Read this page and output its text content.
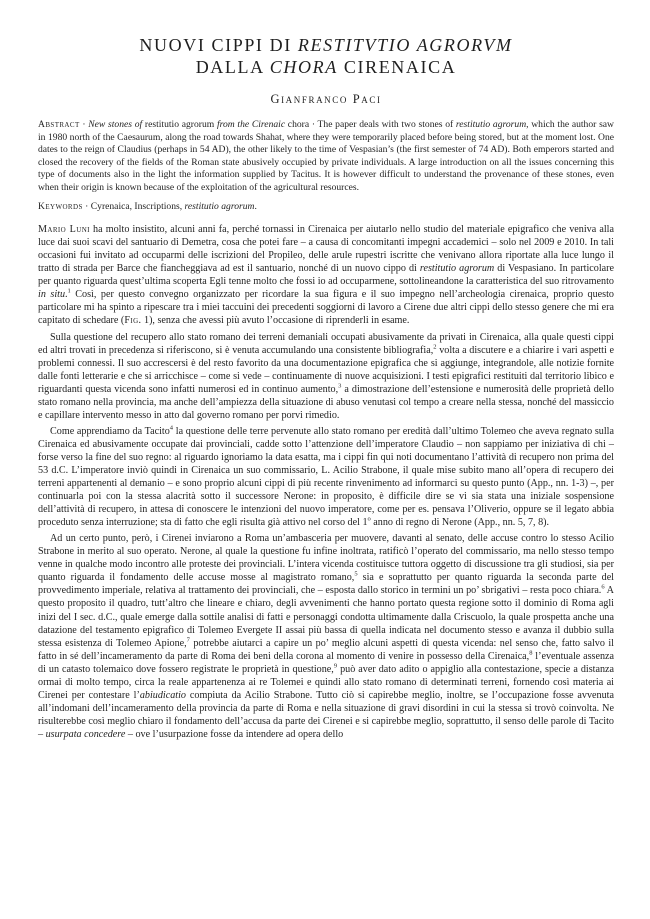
NUOVI CIPPI DI RESTITVTIO AGRORVM
DALLA CHORA CIRENAICA
Gianfranco Paci

Abstract · New stones of restitutio agrorum from the Cirenaic chora · The paper deals with two stones of restitutio agrorum, which the author saw in 1980 north of the Caesaurum, along the road towards Shahat, where they were temporarily placed before being stored, but at the moment lost. One dates to the reign of Claudius (perhaps in 54 AD), the other likely to the time of Vespasian’s (the first semester of 74 AD). Both emperors started and closed the recovery of the fields of the Roman state abusively occupied by private individuals. A large introduction on all the issues concerning this type of documents also in the light the information supplied by Tacitus. It is however difficult to understand the provenance of these stones, even when their origin is known because of the exploitation of the agricultural resources.

Keywords · Cyrenaica, Inscriptions, restitutio agrorum.

Mario Luni ha molto insistito, alcuni anni fa, perché tornassi in Cirenaica per aiutarlo nello studio del materiale epigrafico che veniva alla luce dai suoi scavi del santuario di Demetra, cosa che potei fare – a causa di concomitanti impegni accademici – solo nel 2009 e 2010. In tali occasioni fui invitato ad occuparmi delle iscrizioni del Propileo, delle arule rupestri iscritte che venivano allora riportate alla luce lungo il tratto di strada per Barce che fiancheggiava ad est il santuario, nonché di un nuovo cippo di restitutio agrorum di Vespasiano. In particolare per quanto riguarda quest’ultima scoperta Egli tenne molto che fossi io ad occuparmene, sottolineandone la caratteristica del suo ritrovamento in situ.$^1$ Così, per questo convegno organizzato per ricordare la sua figura e il suo impegno nell’archeologia cirenaica, proprio questo particolare mi ha spinto a ripescare tra i miei taccuini dei precedenti soggiorni di lavoro a Cirene due altri cippi dello stesso genere che mi era capitato di schedare (Fig. 1), senza che avessi più avuto l’occasione di riprenderli in esame.

Sulla questione del recupero allo stato romano dei terreni demaniali occupati abusivamente da privati in Cirenaica, alla quale questi cippi ed altri trovati in precedenza si riferiscono, si è venuta accumulando una consistente bibliografia,$^2$ volta a discutere e a chiarire i vari aspetti e problemi connessi. Il suo accrescersi è del resto favorito da una documentazione epigrafica che si aggiunge, integrandole, alle notizie fornite dalle fonti letterarie e che si arricchisce – come si vede – continuamente di nuove acquisizioni. I testi epigrafici restituiti dal territorio libico e riguardanti questa vicenda sono infatti numerosi ed in continuo aumento,$^3$ a dimostrazione dell’estensione e numerosità delle proprietà dello stato romano nella provincia, ma anche dell’ampiezza della situazione di abuso venutasi col tempo a creare nella stessa, nonché del massiccio e capillare intervento messo in atto dal governo romano per porvi rimedio.

Come apprendiamo da Tacito$^4$ la questione delle terre pervenute allo stato romano per eredità dall’ultimo Tolemeo che aveva regnato sulla Cirenaica ed abusivamente occupate dai provinciali, cadde sotto l’attenzione dell’imperatore Claudio – non sappiamo per iniziativa di chi – forse verso la fine del suo regno: al riguardo ignoriamo la data esatta, ma i cippi fin qui noti documentano l’attività di recupero non prima del 53 d.C. L’imperatore inviò quindi in Cirenaica un suo commissario, L. Acilio Strabone, il quale mise subito mano all’opera di recupero dei terreni appartenenti al demanio – e sono proprio alcuni cippi di più recente rinvenimento ad informarci su questo punto (App., nn. 1-3) –, per continuarla poi con la stessa alacrità sotto il successore Nerone: in proposito, è difficile dire se vi sia stata una iniziale sospensione dell’attività di recupero, in attesa di conoscere le intenzioni del nuovo imperatore, come per es. pensava l’Oliverio, oppure se il legato abbia proceduto senza interruzione; sta di fatto che egli risulta già attivo nel corso del 1$^o$ anno di regno di Nerone (App., nn. 5, 7, 8).

Ad un certo punto, però, i Cirenei inviarono a Roma un’ambasceria per muovere, davanti al senato, delle accuse contro lo stesso Acilio Strabone in merito al suo operato. Nerone, al quale la questione fu infine inoltrata, ratificò l’operato del commissario, ma nello stesso tempo venne in qualche modo incontro alle proteste dei provinciali. L’intera vicenda costituisce tuttora oggetto di discussione tra gli studiosi, sia per quanto riguarda il fondamento delle accuse mosse al magistrato romano,$^5$ sia e soprattutto per quanto riguarda la seconda parte del provvedimento imperiale, relativa al trattamento dei provinciali, che – esposta dallo storico in termini un po’ sbrigativi – resta poco chiara.$^6$ A questo proposito il quadro, tutt’altro che lineare e chiaro, degli avvenimenti che hanno portato questa regione sotto il dominio di Roma agli inizi del I sec. d.C., quale emerge dalla sottile analisi di fatti e personaggi condotta ultimamente dalla Criscuolo, la quale prospetta anche una datazione del testamento epigrafico di Tolemeo Evergete II assai più bassa di quella indicata nel documento stesso e avanza il dubbio sulla stessa esistenza di Tolemeo Apione,$^7$ potrebbe aiutarci a capire un po’ meglio alcuni aspetti di questa vicenda: nel senso che, fatto salvo il fatto in sé dell’incameramento da parte di Roma dei beni della corona al momento di venire in possesso della Cirenaica,$^8$ l’eventuale assenza di un catasto tolemaico dove fossero registrate le proprietà in questione,$^9$ può aver dato adito o appiglio alla contestazione, specie a distanza ormai di molto tempo, circa la reale appartenenza ai re Tolemei e quindi allo stato romano di determinati terreni, fornendo così materia ai Cirenei per contestare l’abiudicatio compiuta da Acilio Strabone. Tutto ciò si capirebbe meglio, inoltre, se l’occupazione fosse avvenuta all’indomani dell’incameramento della provincia da parte di Roma e nella situazione di gravi disordini in cui la stessa si trovò coinvolta. Ne risulterebbe così meglio chiaro il fondamento dell’accusa da parte dei Cirenei e si capirebbe meglio, soprattutto, il senso delle parole di Tacito – usurpata concedere – ove l’usurpazione fosse da intendere ad opera dello
